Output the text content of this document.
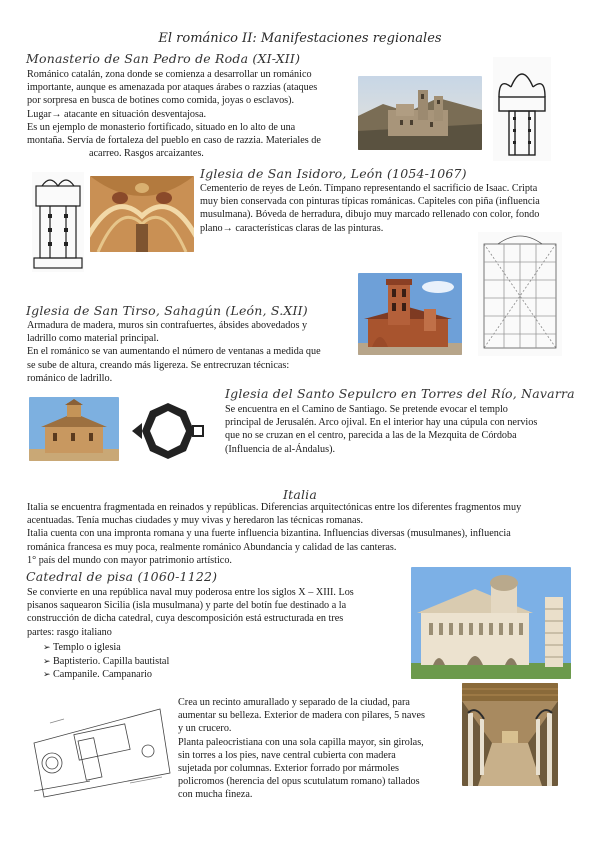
El románico II: Manifestaciones regionales
Monasterio de San Pedro de Roda (XI-XII)
Románico catalán, zona donde se comienza a desarrollar un románico
importante, aunque es amenazada por ataques árabes o razzias (ataques
por sorpresa en busca de botines como comida, joyas o esclavos).
Lugar→ atacante en situación desventajosa.
Es un ejemplo de monasterio fortificado, situado en lo alto de una
montaña. Servía de fortaleza del pueblo en caso de razzia. Materiales de
acarreo. Rasgos arcaizantes.
Iglesia de San Isidoro, León (1054-1067)
Cementerio de reyes de León. Tímpano representando el sacrificio de Isaac. Cripta
muy bien conservada con pinturas típicas románicas. Capiteles con piña (influencia
musulmana). Bóveda de herradura, dibujo muy marcado rellenado con color, fondo
plano→ características claras de las pinturas.
Iglesia de San Tirso, Sahagún (León, S.XII)
Armadura de madera, muros sin contrafuertes, ábsides abovedados y
ladrillo como material principal.
En el románico se van aumentando el número de ventanas a medida que
se sube de altura, creando más ligereza. Se entrecruzan técnicas:
románico de ladrillo.
Iglesia del Santo Sepulcro en Torres del Río, Navarra
Se encuentra en el Camino de Santiago. Se pretende evocar el templo
principal de Jerusalén. Arco ojival. En el interior hay una cúpula con nervios
que no se cruzan en el centro, parecida a las de la Mezquita de Córdoba
(Influencia de al-Ándalus).
Italia
Italia se encuentra fragmentada en reinados y repúblicas. Diferencias arquitectónicas entre los diferentes fragmentos muy
acentuadas. Tenía muchas ciudades y muy vivas y heredaron las técnicas romanas.
Italia cuenta con una impronta romana y una fuerte influencia bizantina. Influencias diversas (musulmanes), influencia
románica francesa es muy poca, realmente románico Abundancia y calidad de las canteras.
1° país del mundo con mayor patrimonio artístico.
Catedral de pisa (1060-1122)
Se convierte en una república naval muy poderosa entre los siglos X – XIII. Los
pisanos saquearon Sicilia (isla musulmana) y parte del botín fue destinado a la
construcción de dicha catedral, cuya descomposición está estructurada en tres
partes: rasgo italiano
➢ Templo o iglesia
➢ Baptisterio. Capilla bautistal
➢ Campanile. Campanario
Crea un recinto amurallado y separado de la ciudad, para
aumentar su belleza. Exterior de madera con pilares, 5 naves
y un crucero.
Planta paleocristiana con una sola capilla mayor, sin girolas,
sin torres a los pies, nave central cubierta con madera
sujetada por columnas. Exterior forrado por mármoles
policromos (herencia del opus scutulatum romano) tallados
con mucha fineza.
